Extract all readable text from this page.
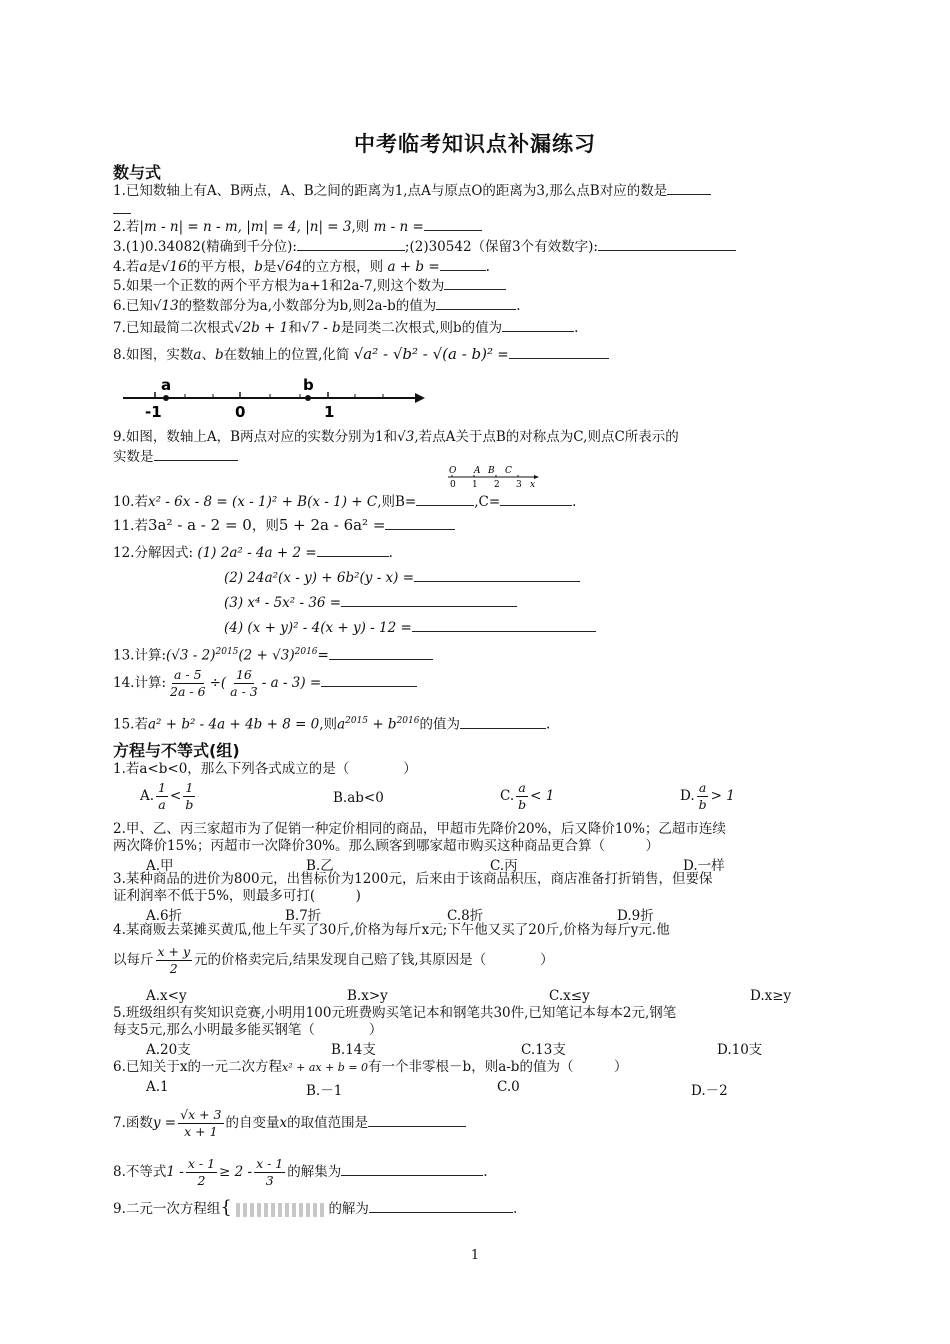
中考临考知识点补漏练习
数与式
1.已知数轴上有A、B两点，A、B之间的距离为1,点A与原点O的距离为3,那么点B对应的数是
2.若|m - n| = n - m, |m| = 4, |n| = 3,则 m - n =
3.(1)0.34082(精确到千分位):	;(2)30542（保留3个有效数字):
4.若a是√16的平方根，b是√64的立方根，则 a + b =	.
5.如果一个正数的两个平方根为a+1和2a-7,则这个数为
6.已知√13的整数部分为a,小数部分为b,则2a-b的值为	.
7.已知最简二次根式√2b + 1和√7 - b是同类二次根式,则b的值为	.
8.如图，实数a、b在数轴上的位置,化简 √a² - √b² - √(a - b)² =
a	b
-1	0	1
9.如图，数轴上A，B两点对应的实数分别为1和√3,若点A关于点B的对称点为C,则点C所表示的
实数是
O A B C
0 1 2 3 x
10.若x² - 6x - 8 = (x - 1)² + B(x - 1) + C,则B=	,C=	.
11.若3a² - a - 2 = 0，则5 + 2a - 6a² =
12.分解因式: (1) 2a² - 4a + 2 =	.
(2) 24a²(x - y) + 6b²(y - x) =
(3) x⁴ - 5x² - 36 =
(4) (x + y)² - 4(x + y) - 12 =
13.计算:(√3 - $2)^{2015}(2 + √3)^{2016}=$
14.计算: $\frac{a - 5}{2a - 6}$ ÷( $\frac{16}{a - 3}$ - a - 3) =
15.若a² + b² - 4a + 4b + 8 = 0,则$a^{2015} + b^{2016}$的值为	.
方程与不等式(组)
1.若a<b<0，那么下列各式成立的是（　　　　）
A. $\frac{1}{a} < \frac{1}{b}$	B.ab<0	C. $\frac{a}{b} < 1$	D. $\frac{a}{b} > 1$
2.甲、乙、丙三家超市为了促销一种定价相同的商品，甲超市先降价20%，后又降价10%；乙超市连续
两次降价15%；丙超市一次降价30%。那么顾客到哪家超市购买这种商品更合算（　　　）
A.甲	B.乙	C.丙	D.一样
3.某种商品的进价为800元，出售标价为1200元，后来由于该商品积压，商店准备打折销售，但要保
证利润率不低于5%，则最多可打(　　　)
A.6折	B.7折	C.8折	D.9折
4.某商贩去菜摊买黄瓜,他上午买了30斤,价格为每斤x元;下午他又买了20斤,价格为每斤y元.他
以每斤 $\frac{x + y}{2}$ 元的价格卖完后,结果发现自己赔了钱,其原因是（　　　　）
A.x<y	B.x>y	C.x≤y	D.x≥y
5.班级组织有奖知识竞赛,小明用100元班费购买笔记本和钢笔共30件,已知笔记本每本2元,钢笔
每支5元,那么小明最多能买钢笔（　　　　）
A.20支	B.14支	C.13支	D.10支
6.已知关于x的一元二次方程x² + ax + b = 0有一个非零根－b，则a-b的值为（　　　）
A.1	B.－1	C.0	D.－2
7.函数$y = \frac{√x + 3}{x + 1}$ 的自变量x的取值范围是
8.不等式$1 - \frac{x - 1}{2} \ge 2 - \frac{x - 1}{3}$ 的解集为	.
9.二元一次方程组{	的解为	.
1
